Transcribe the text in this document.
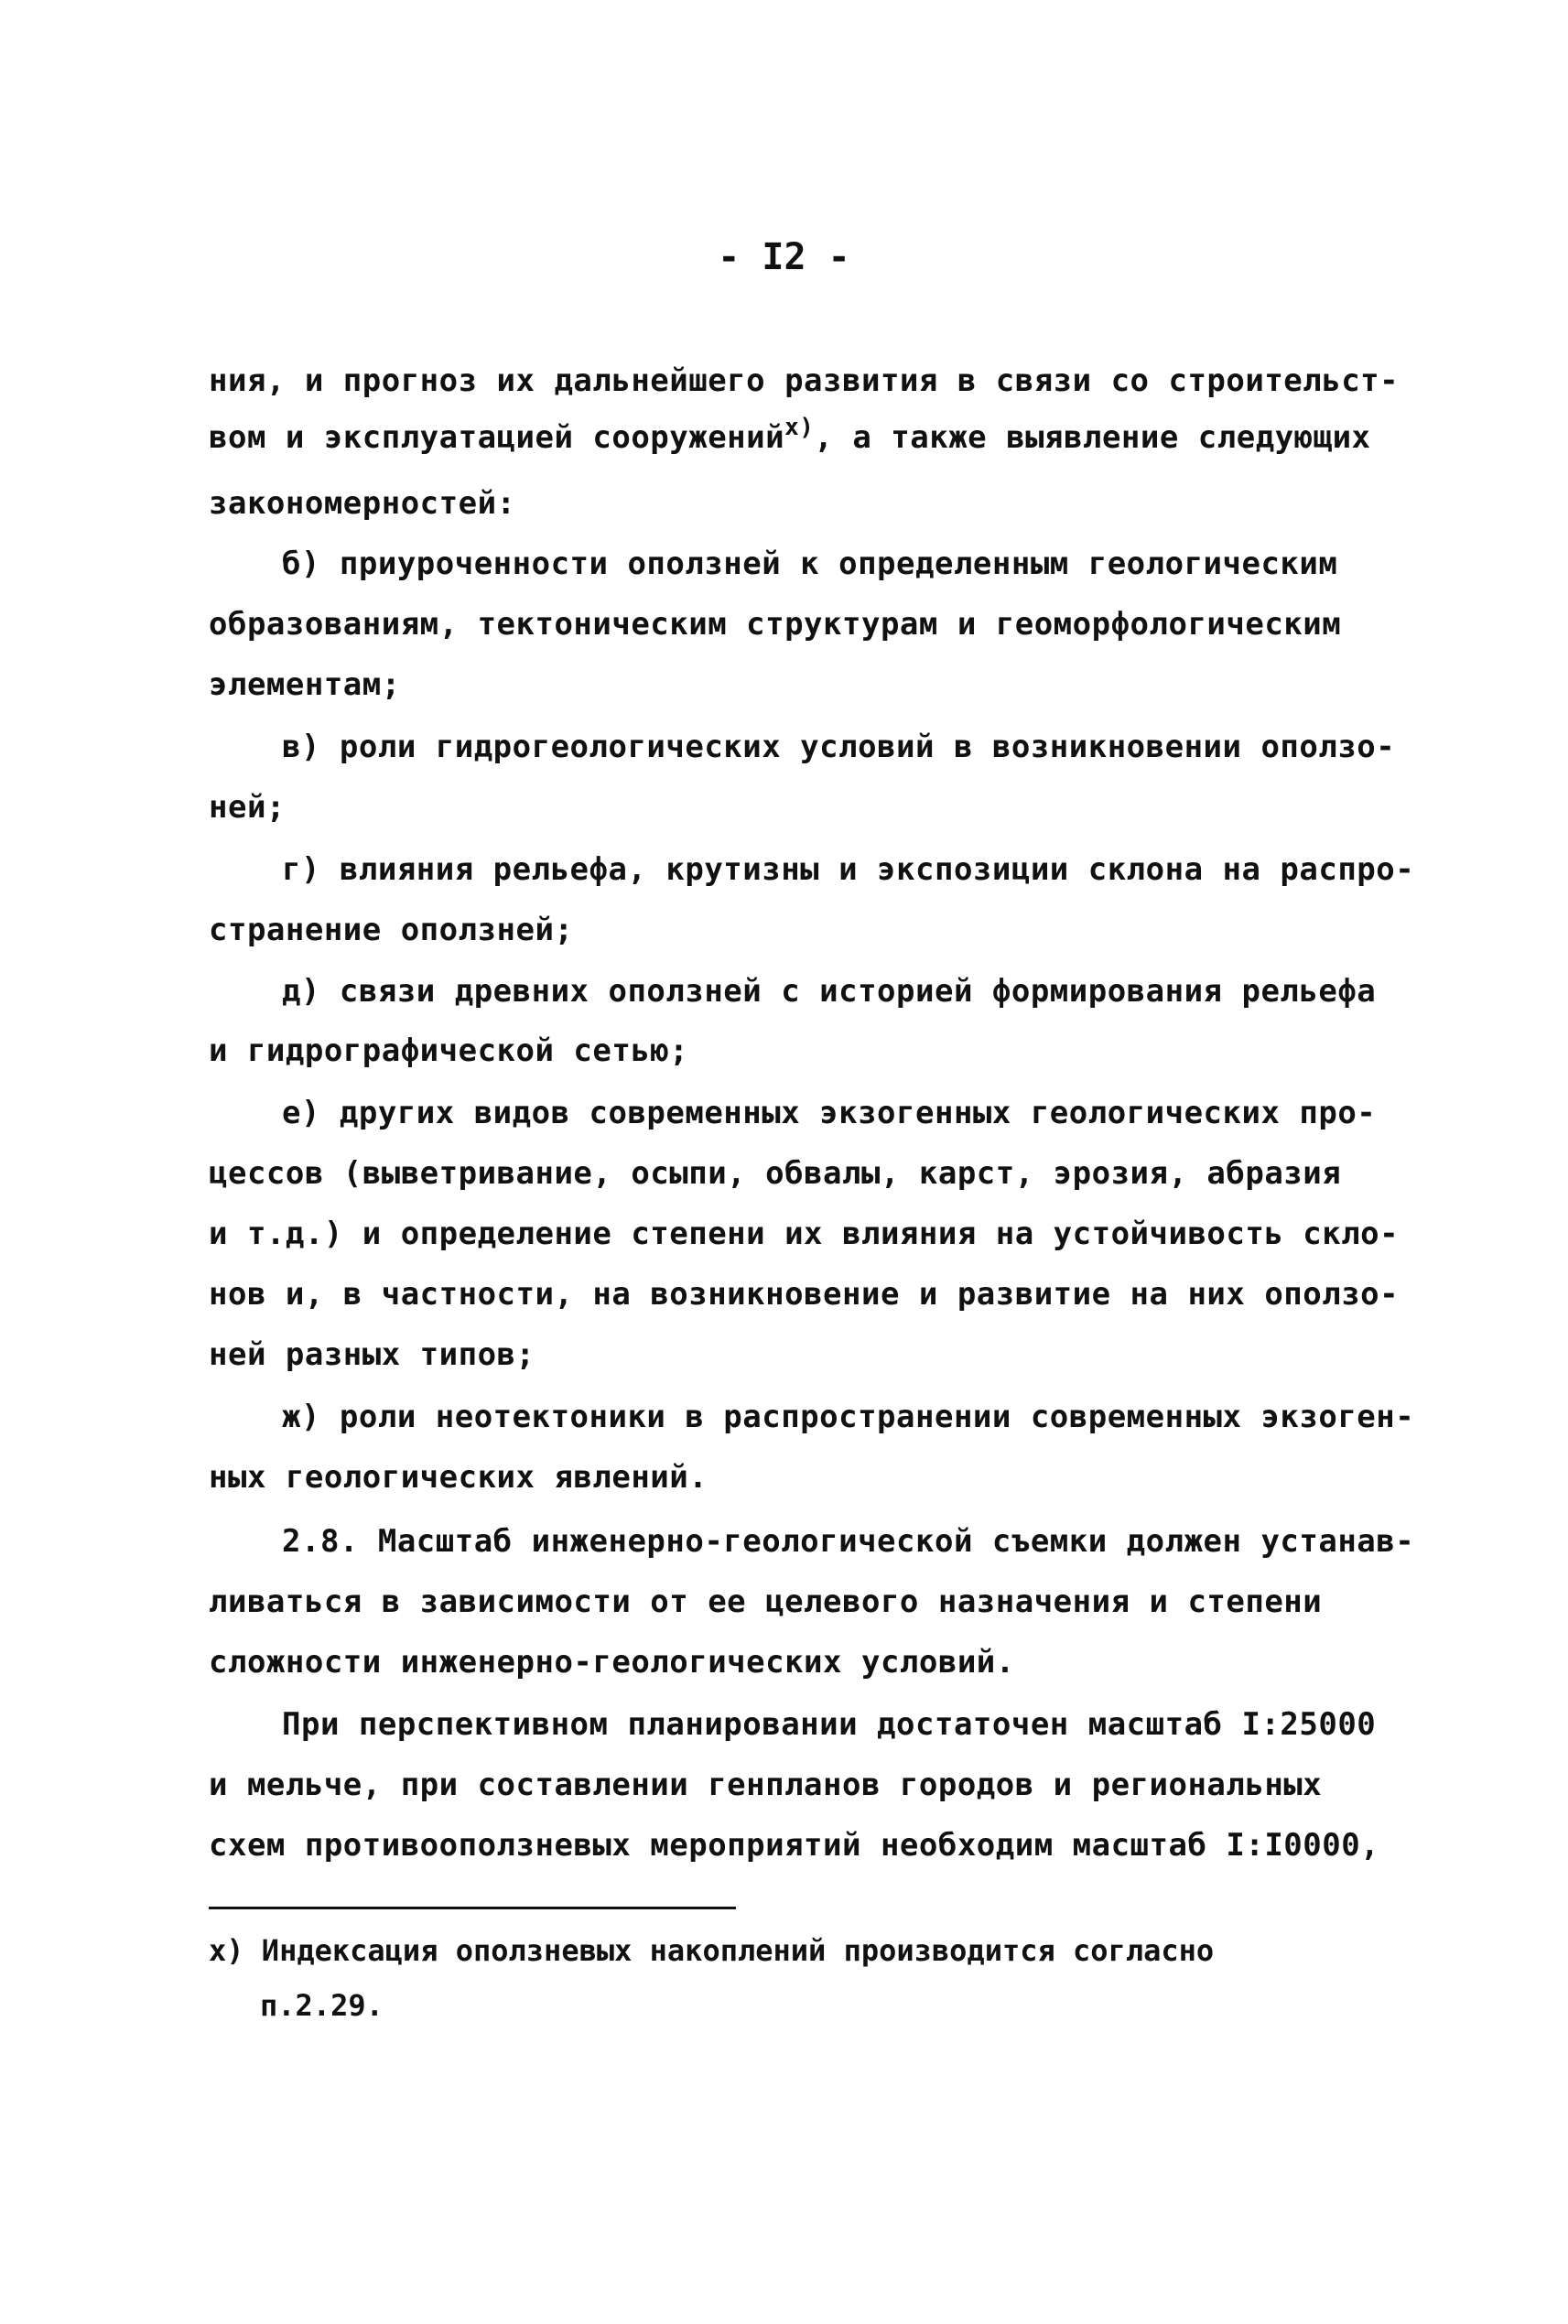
- I2 -
ния, и прогноз их дальнейшего развития в связи со строительст-
вом и эксплуатацией сооружений$^{х)}$, а также выявление следующих
закономерностей:
б) приуроченности оползней к определенным геологическим
образованиям, тектоническим структурам и геоморфологическим
элементам;
в) роли гидрогеологических условий в возникновении оползо-
ней;
г) влияния рельефа, крутизны и экспозиции склона на распро-
странение оползней;
д) связи древних оползней с историей формирования рельефа
и гидрографической сетью;
е) других видов современных экзогенных геологических про-
цессов (выветривание, осыпи, обвалы, карст, эрозия, абразия
и т.д.) и определение степени их влияния на устойчивость скло-
нов и, в частности, на возникновение и развитие на них оползо-
ней разных типов;
ж) роли неотектоники в распространении современных экзоген-
ных геологических явлений.
2.8. Масштаб инженерно-геологической съемки должен устанав-
ливаться в зависимости от ее целевого назначения и степени
сложности инженерно-геологических условий.
При перспективном планировании достаточен масштаб I:25000
и мельче, при составлении генпланов городов и региональных
схем противооползневых мероприятий необходим масштаб I:I0000,
х) Индексация оползневых накоплений производится согласно
п.2.29.
